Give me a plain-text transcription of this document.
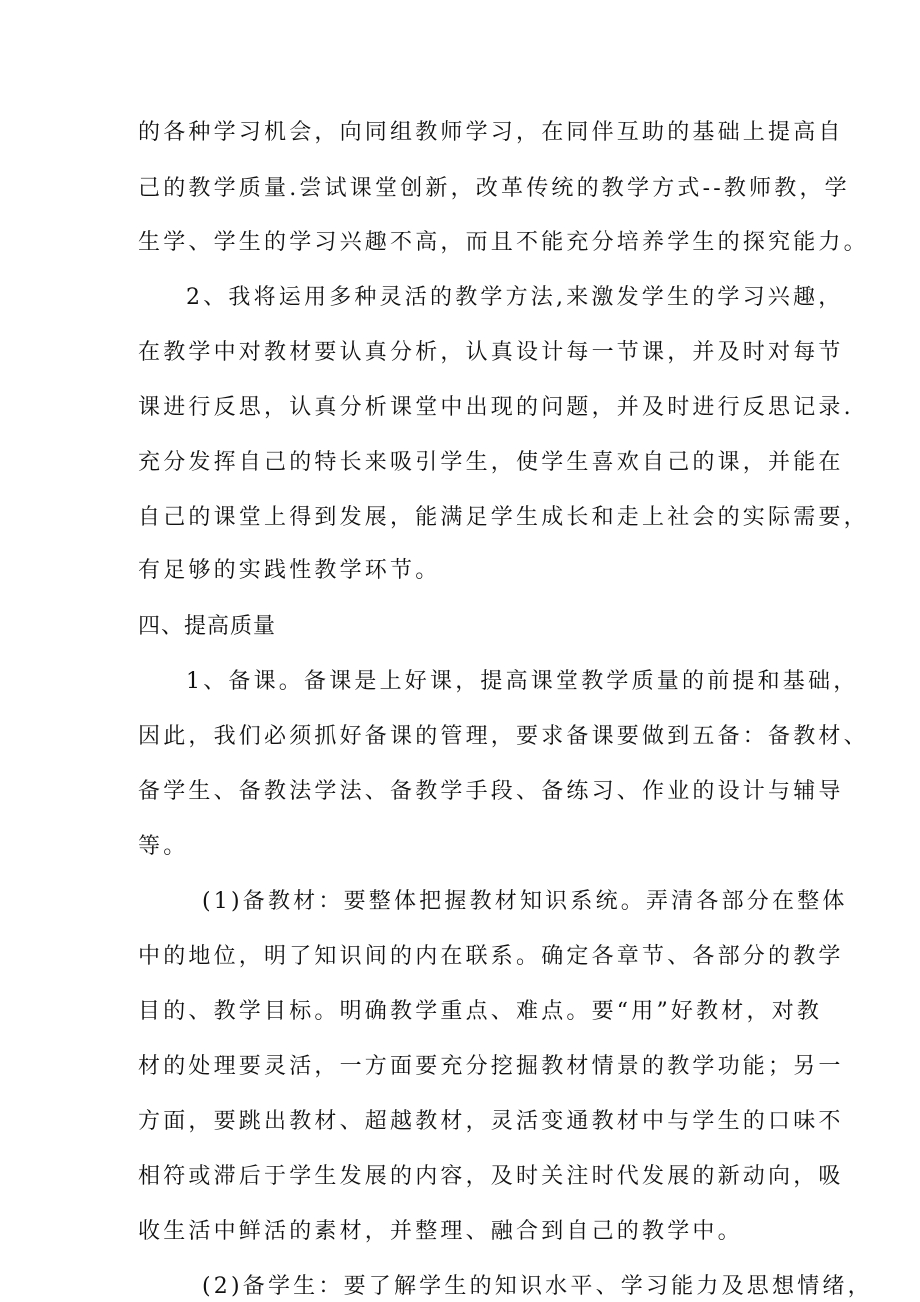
的各种学习机会，向同组教师学习，在同伴互助的基础上提高自

己的教学质量.尝试课堂创新，改革传统的教学方式--教师教，学

生学、学生的学习兴趣不高，而且不能充分培养学生的探究能力。

2、我将运用多种灵活的教学方法,来激发学生的学习兴趣，

在教学中对教材要认真分析，认真设计每一节课，并及时对每节

课进行反思，认真分析课堂中出现的问题，并及时进行反思记录.

充分发挥自己的特长来吸引学生，使学生喜欢自己的课，并能在

自己的课堂上得到发展，能满足学生成长和走上社会的实际需要，

有足够的实践性教学环节。

四、提高质量

1、备课。备课是上好课，提高课堂教学质量的前提和基础，

因此，我们必须抓好备课的管理，要求备课要做到五备：备教材、

备学生、备教法学法、备教学手段、备练习、作业的设计与辅导

等。

(1)备教材：要整体把握教材知识系统。弄清各部分在整体

中的地位，明了知识间的内在联系。确定各章节、各部分的教学

目的、教学目标。明确教学重点、难点。要“用”好教材，对教

材的处理要灵活，一方面要充分挖掘教材情景的教学功能；另一

方面，要跳出教材、超越教材，灵活变通教材中与学生的口味不

相符或滞后于学生发展的内容，及时关注时代发展的新动向，吸

收生活中鲜活的素材，并整理、融合到自己的教学中。

(2)备学生：要了解学生的知识水平、学习能力及思想情绪，
